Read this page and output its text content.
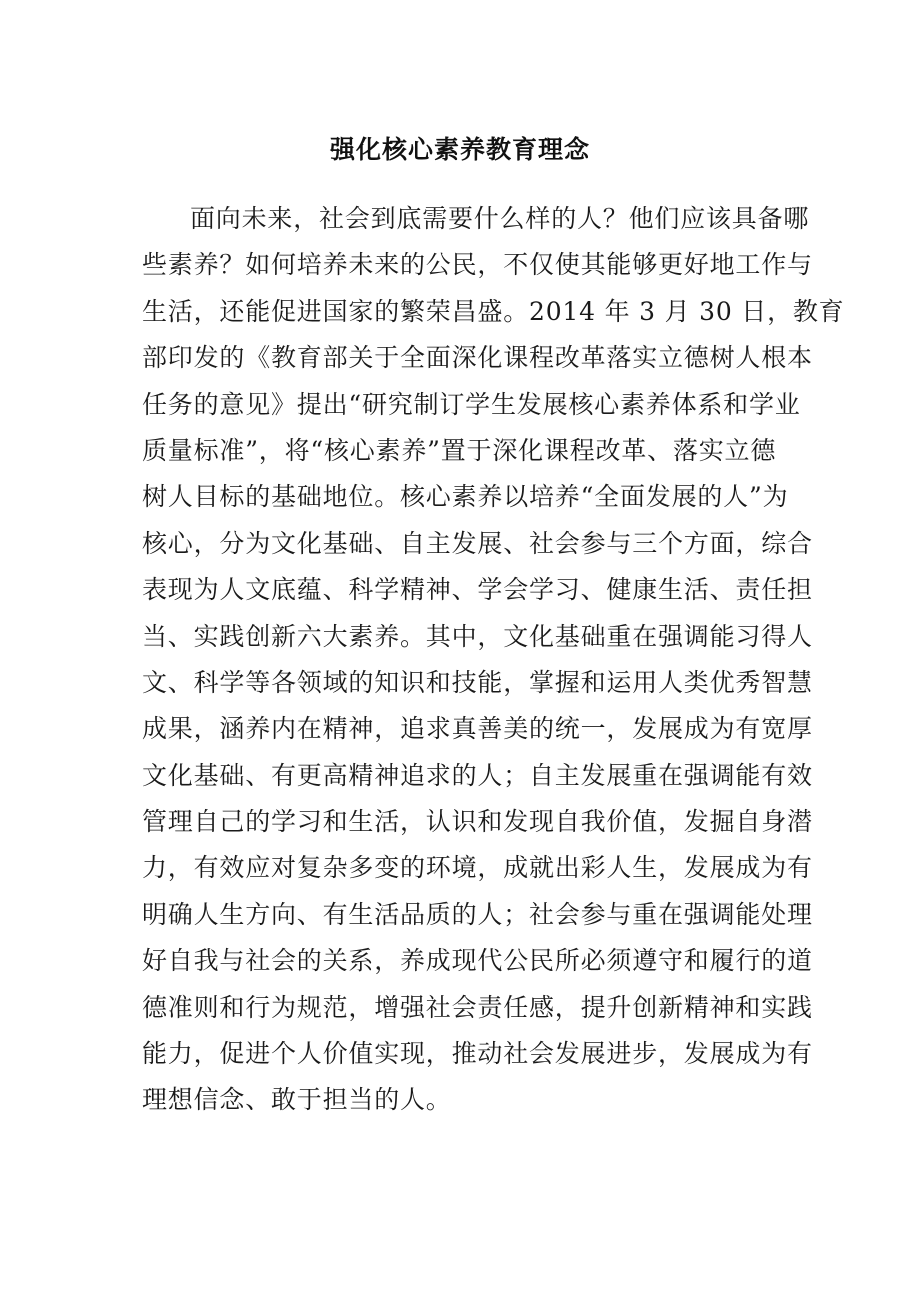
强化核心素养教育理念
面向未来，社会到底需要什么样的人？他们应该具备哪
些素养？如何培养未来的公民，不仅使其能够更好地工作与
生活，还能促进国家的繁荣昌盛。2014 年 3 月 30 日，教育
部印发的《教育部关于全面深化课程改革落实立德树人根本
任务的意见》提出“研究制订学生发展核心素养体系和学业
质量标准”，将“核心素养”置于深化课程改革、落实立德
树人目标的基础地位。核心素养以培养“全面发展的人”为
核心，分为文化基础、自主发展、社会参与三个方面，综合
表现为人文底蕴、科学精神、学会学习、健康生活、责任担
当、实践创新六大素养。其中，文化基础重在强调能习得人
文、科学等各领域的知识和技能，掌握和运用人类优秀智慧
成果，涵养内在精神，追求真善美的统一，发展成为有宽厚
文化基础、有更高精神追求的人；自主发展重在强调能有效
管理自己的学习和生活，认识和发现自我价值，发掘自身潜
力，有效应对复杂多变的环境，成就出彩人生，发展成为有
明确人生方向、有生活品质的人；社会参与重在强调能处理
好自我与社会的关系，养成现代公民所必须遵守和履行的道
德准则和行为规范，增强社会责任感，提升创新精神和实践
能力，促进个人价值实现，推动社会发展进步，发展成为有
理想信念、敢于担当的人。
